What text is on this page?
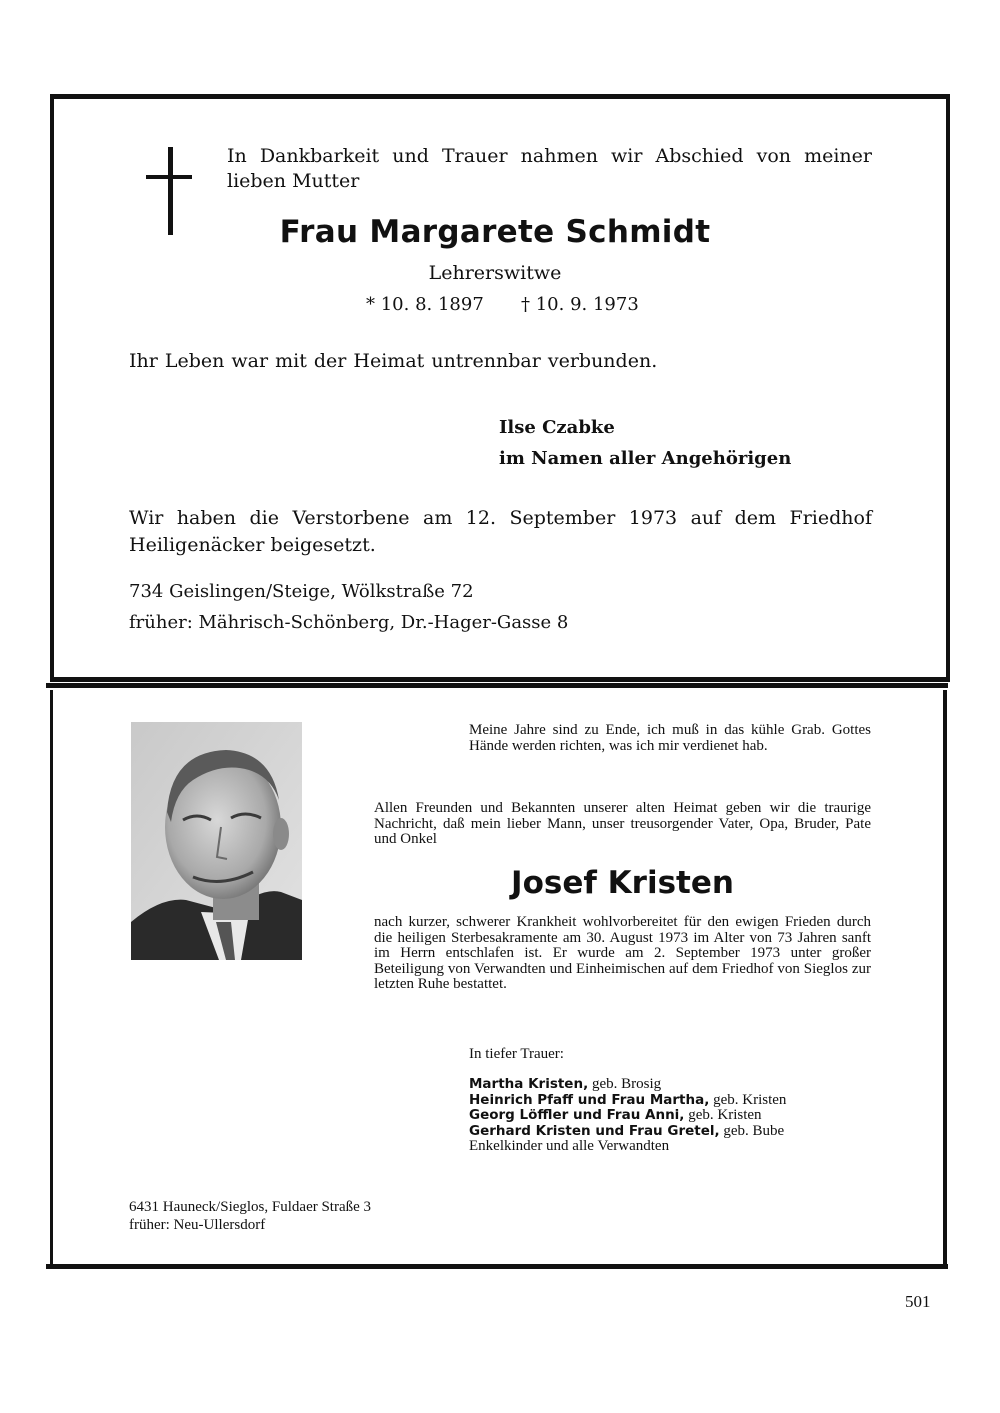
In Dankbarkeit und Trauer nahmen wir Abschied von meiner lieben Mutter
Frau Margarete Schmidt
Lehrerswitwe
* 10. 8. 1897 † 10. 9. 1973
Ihr Leben war mit der Heimat untrennbar verbunden.
Ilse Czabke
im Namen aller Angehörigen
Wir haben die Verstorbene am 12. September 1973 auf dem Friedhof Heiligenäcker beigesetzt.
734 Geislingen/Steige, Wölkstraße 72
früher: Mährisch-Schönberg, Dr.-Hager-Gasse 8
Meine Jahre sind zu Ende, ich muß in das kühle Grab. Gottes Hände werden richten, was ich mir verdienet hab.
Allen Freunden und Bekannten unserer alten Heimat geben wir die traurige Nachricht, daß mein lieber Mann, unser treusorgender Vater, Opa, Bruder, Pate und Onkel
Josef Kristen
nach kurzer, schwerer Krankheit wohlvorbereitet für den ewigen Frieden durch die heiligen Sterbesakramente am 30. August 1973 im Alter von 73 Jahren sanft im Herrn entschlafen ist. Er wurde am 2. September 1973 unter großer Beteiligung von Verwandten und Einheimischen auf dem Friedhof von Sieglos zur letzten Ruhe bestattet.
In tiefer Trauer:
Martha Kristen, geb. Brosig
Heinrich Pfaff und Frau Martha, geb. Kristen
Georg Löffler und Frau Anni, geb. Kristen
Gerhard Kristen und Frau Gretel, geb. Bube
Enkelkinder und alle Verwandten
6431 Hauneck/Sieglos, Fuldaer Straße 3
früher: Neu-Ullersdorf
501
